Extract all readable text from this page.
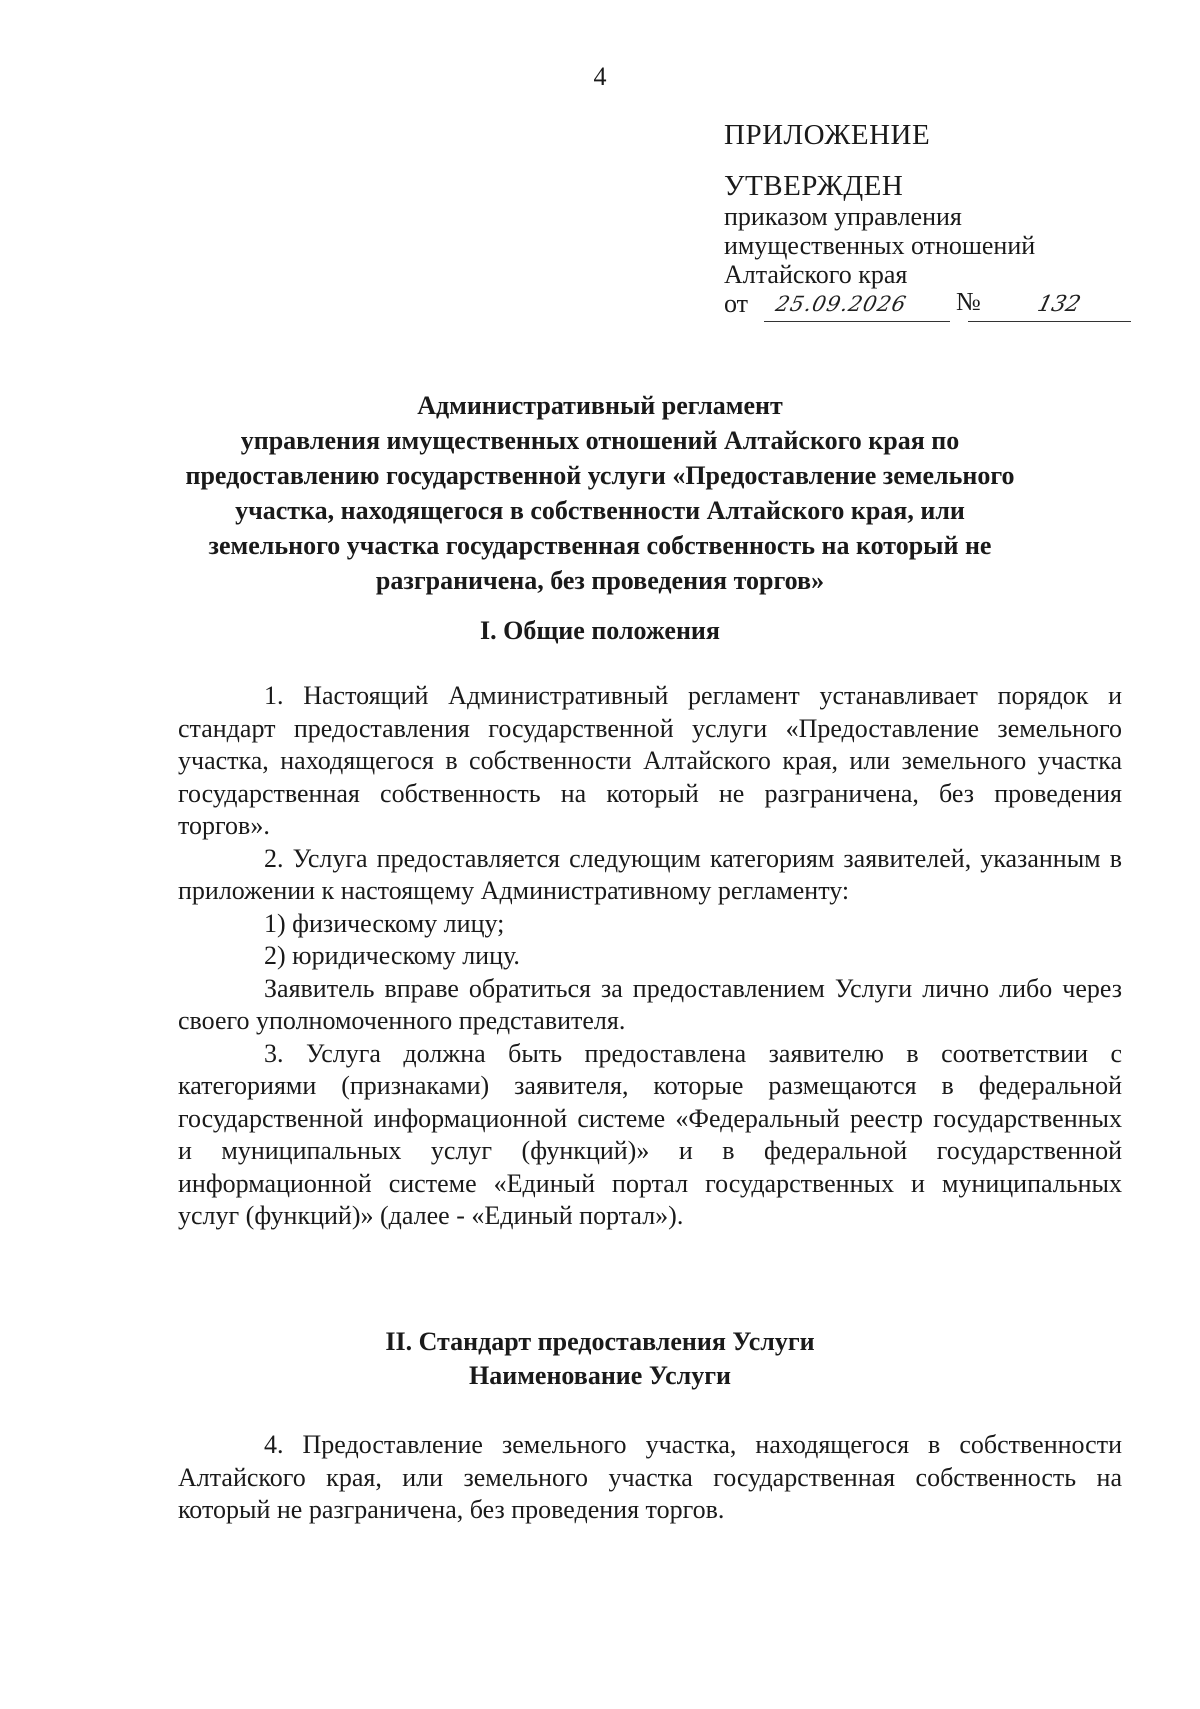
4
ПРИЛОЖЕНИЕ
УТВЕРЖДЕН
приказом управления
имущественных отношений
Алтайского края
от 25.09.2026 № 132
Административный регламент
управления имущественных отношений Алтайского края по
предоставлению государственной услуги «Предоставление земельного
участка, находящегося в собственности Алтайского края, или
земельного участка государственная собственность на который не
разграничена, без проведения торгов»
I. Общие положения

1. Настоящий Административный регламент устанавливает порядок и стандарт предоставления государственной услуги «Предоставление земельного участка, находящегося в собственности Алтайского края, или земельного участка государственная собственность на который не разграничена, без проведения торгов».

2. Услуга предоставляется следующим категориям заявителей, указанным в приложении к настоящему Административному регламенту:

1) физическому лицу;

2) юридическому лицу.

Заявитель вправе обратиться за предоставлением Услуги лично либо через своего уполномоченного представителя.

3. Услуга должна быть предоставлена заявителю в соответствии с категориями (признаками) заявителя, которые размещаются в федеральной государственной информационной системе «Федеральный реестр государственных и муниципальных услуг (функций)» и в федеральной государственной информационной системе «Единый портал государственных и муниципальных услуг (функций)» (далее - «Единый портал»).

II. Стандарт предоставления Услуги
Наименование Услуги

4. Предоставление земельного участка, находящегося в собственности Алтайского края, или земельного участка государственная собственность на который не разграничена, без проведения торгов.
